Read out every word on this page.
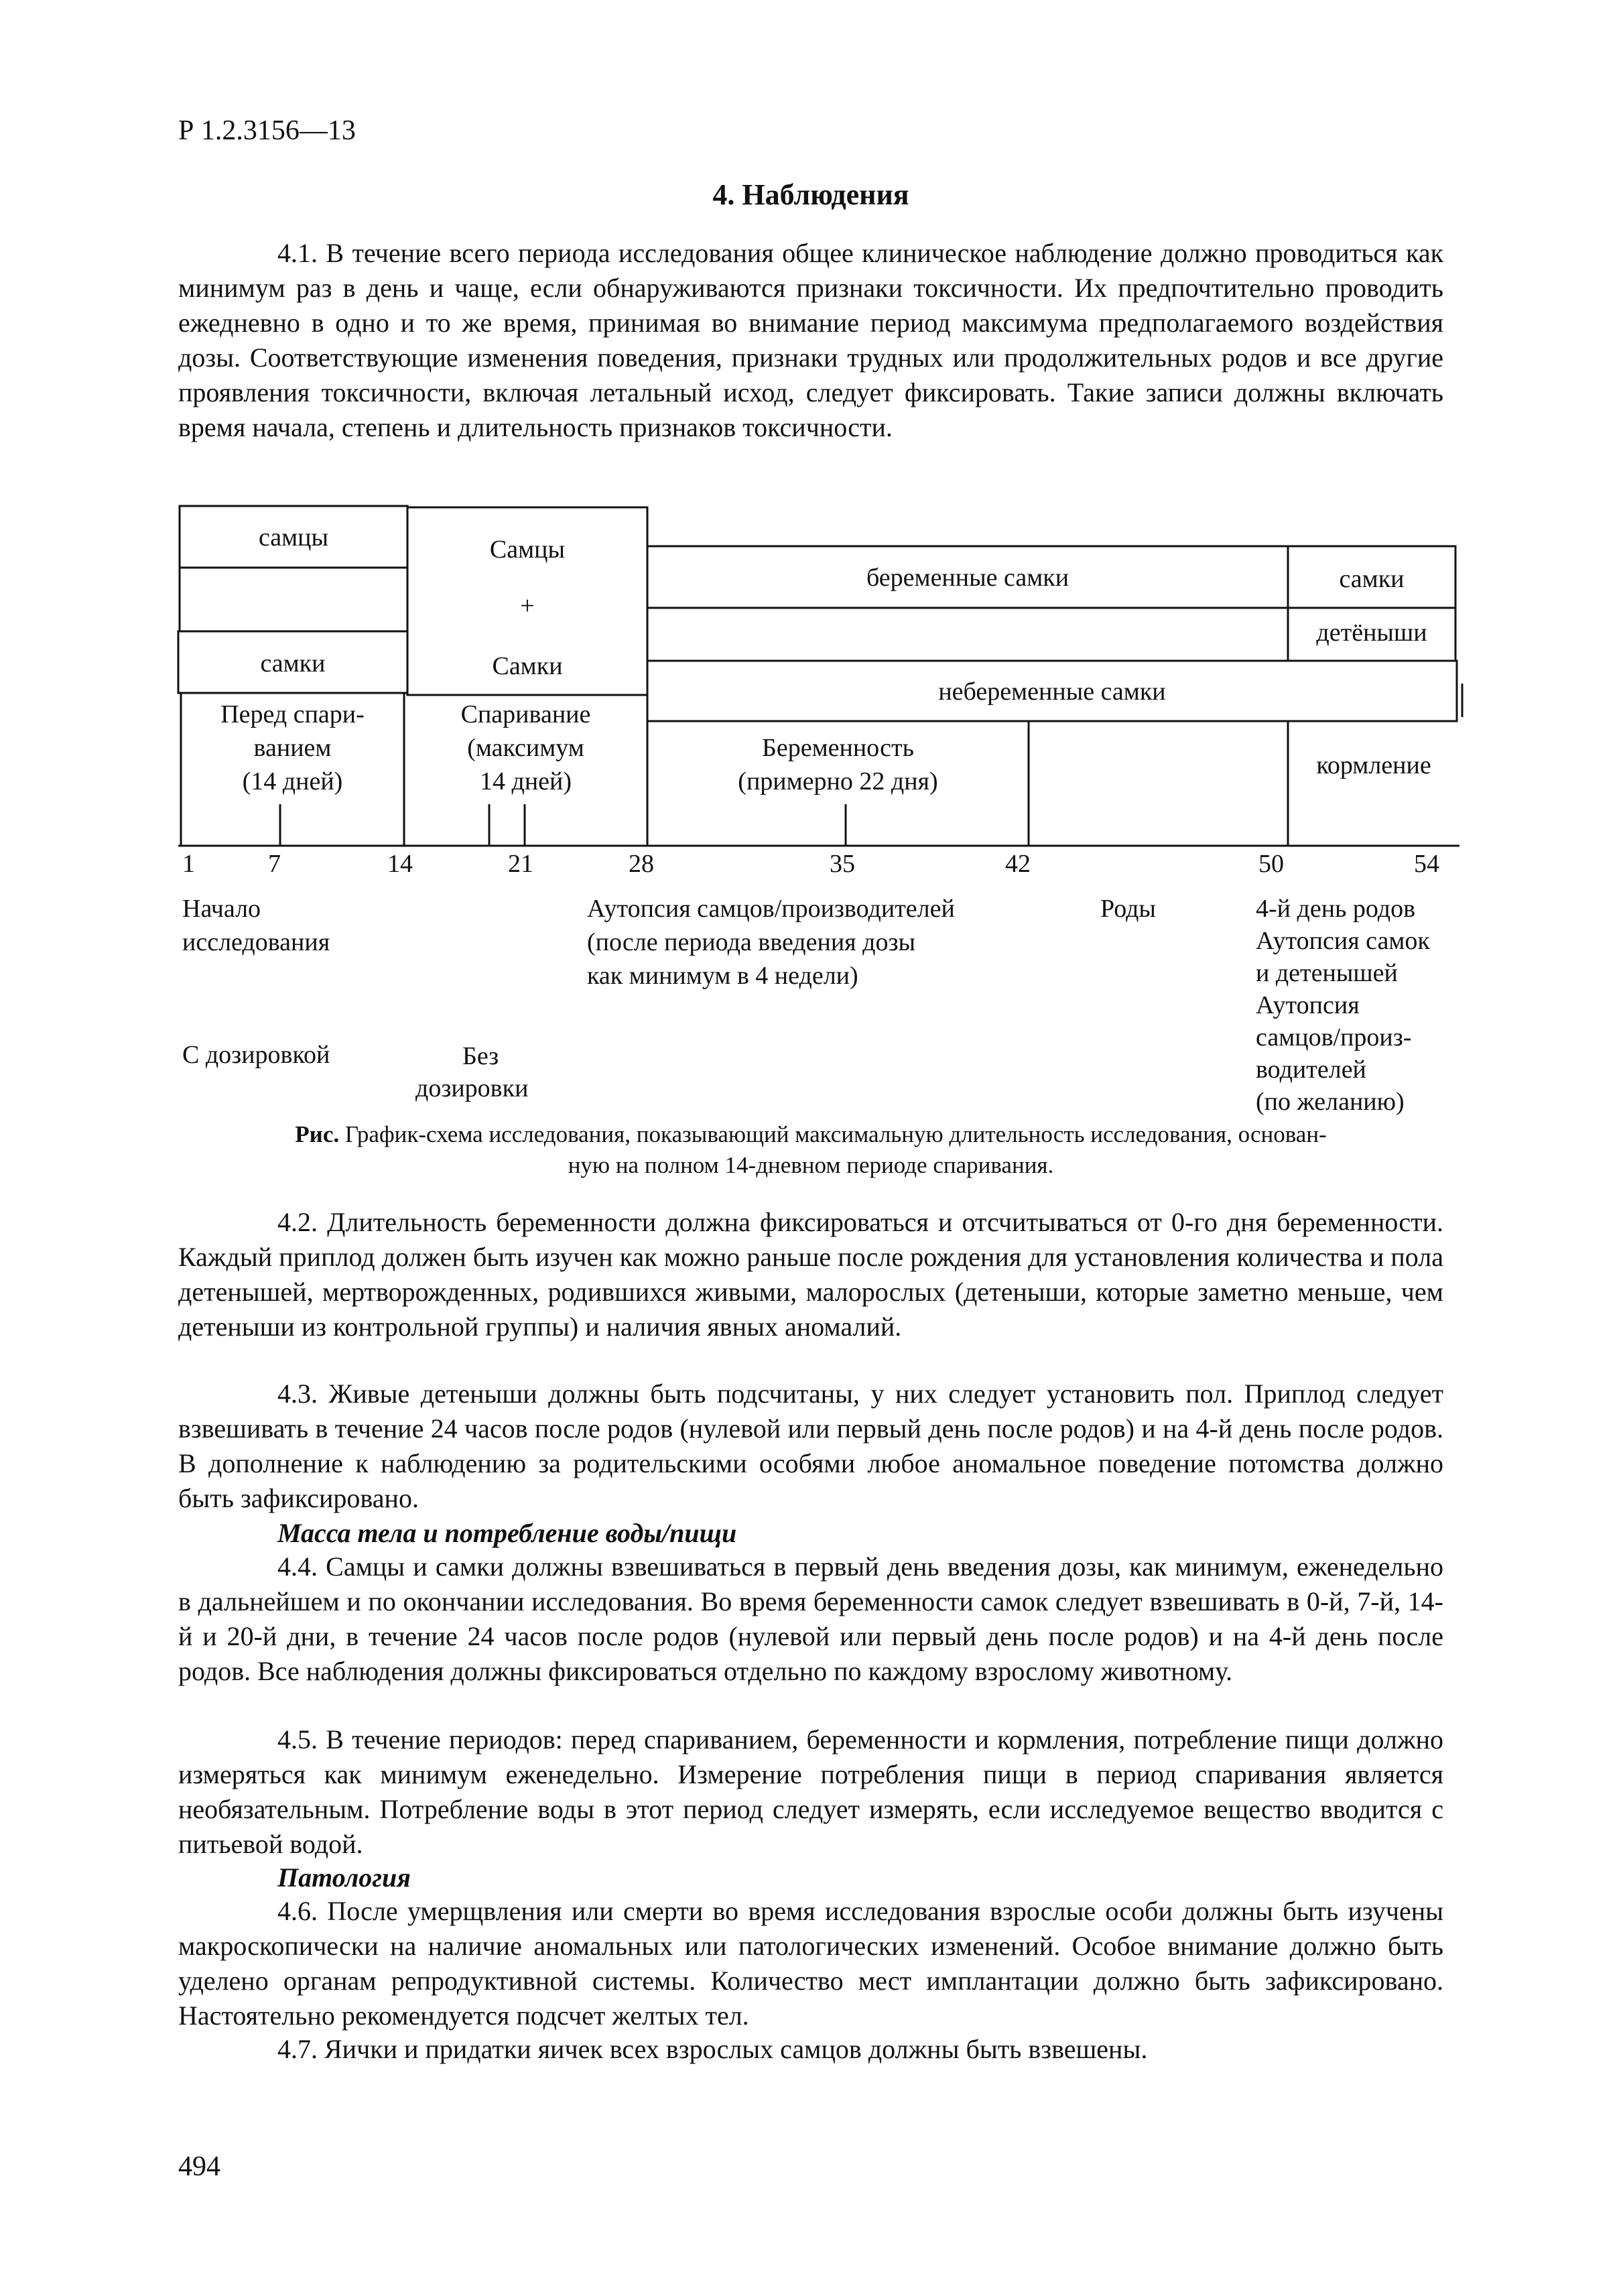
Р 1.2.3156—13
4. Наблюдения

4.1. В течение всего периода исследования общее клиническое наблюдение должно проводиться как минимум раз в день и чаще, если обнаруживаются признаки токсичности. Их предпочтительно проводить ежедневно в одно и то же время, принимая во внимание период максимума предполагаемого воздействия дозы. Соответствующие изменения поведения, признаки трудных или продолжительных родов и все другие проявления токсичности, включая летальный исход, следует фиксировать. Такие записи должны включать время начала, степень и длительность признаков токсичности.

самцы
самки
Самцы
+
Самки
беременные самки	самки
детёныши
небеременные самки
Перед спари-
ванием
(14 дней)
Спаривание
(максимум
14 дней)
Беременность
(примерно 22 дня)
кормление
1	7	14	21	28	35	42	50	54
Начало
исследования
Аутопсия самцов/производителей
(после периода введения дозы
как минимум в 4 недели)
Роды	4-й день родов
Аутопсия самок
и детенышей
Аутопсия
самцов/произ-
водителей
(по желанию)
С дозировкой	Без
дозировки
Рис. График-схема исследования, показывающий максимальную длительность исследования, основан-
ную на полном 14-дневном периоде спаривания.

4.2. Длительность беременности должна фиксироваться и отсчитываться от 0-го дня беременности. Каждый приплод должен быть изучен как можно раньше после рождения для установления количества и пола детенышей, мертворожденных, родившихся живыми, малорослых (детеныши, которые заметно меньше, чем детеныши из контрольной группы) и наличия явных аномалий.

4.3. Живые детеныши должны быть подсчитаны, у них следует установить пол. Приплод следует взвешивать в течение 24 часов после родов (нулевой или первый день после родов) и на 4-й день после родов. В дополнение к наблюдению за родительскими особями любое аномальное поведение потомства должно быть зафиксировано.

Масса тела и потребление воды/пищи

4.4. Самцы и самки должны взвешиваться в первый день введения дозы, как минимум, еженедельно в дальнейшем и по окончании исследования. Во время беременности самок следует взвешивать в 0-й, 7-й, 14-й и 20-й дни, в течение 24 часов после родов (нулевой или первый день после родов) и на 4-й день после родов. Все наблюдения должны фиксироваться отдельно по каждому взрослому животному.

4.5. В течение периодов: перед спариванием, беременности и кормления, потребление пищи должно измеряться как минимум еженедельно. Измерение потребления пищи в период спаривания является необязательным. Потребление воды в этот период следует измерять, если исследуемое вещество вводится с питьевой водой.

Патология

4.6. После умерщвления или смерти во время исследования взрослые особи должны быть изучены макроскопически на наличие аномальных или патологических изменений. Особое внимание должно быть уделено органам репродуктивной системы. Количество мест имплантации должно быть зафиксировано. Настоятельно рекомендуется подсчет желтых тел.

4.7. Яички и придатки яичек всех взрослых самцов должны быть взвешены.

494
